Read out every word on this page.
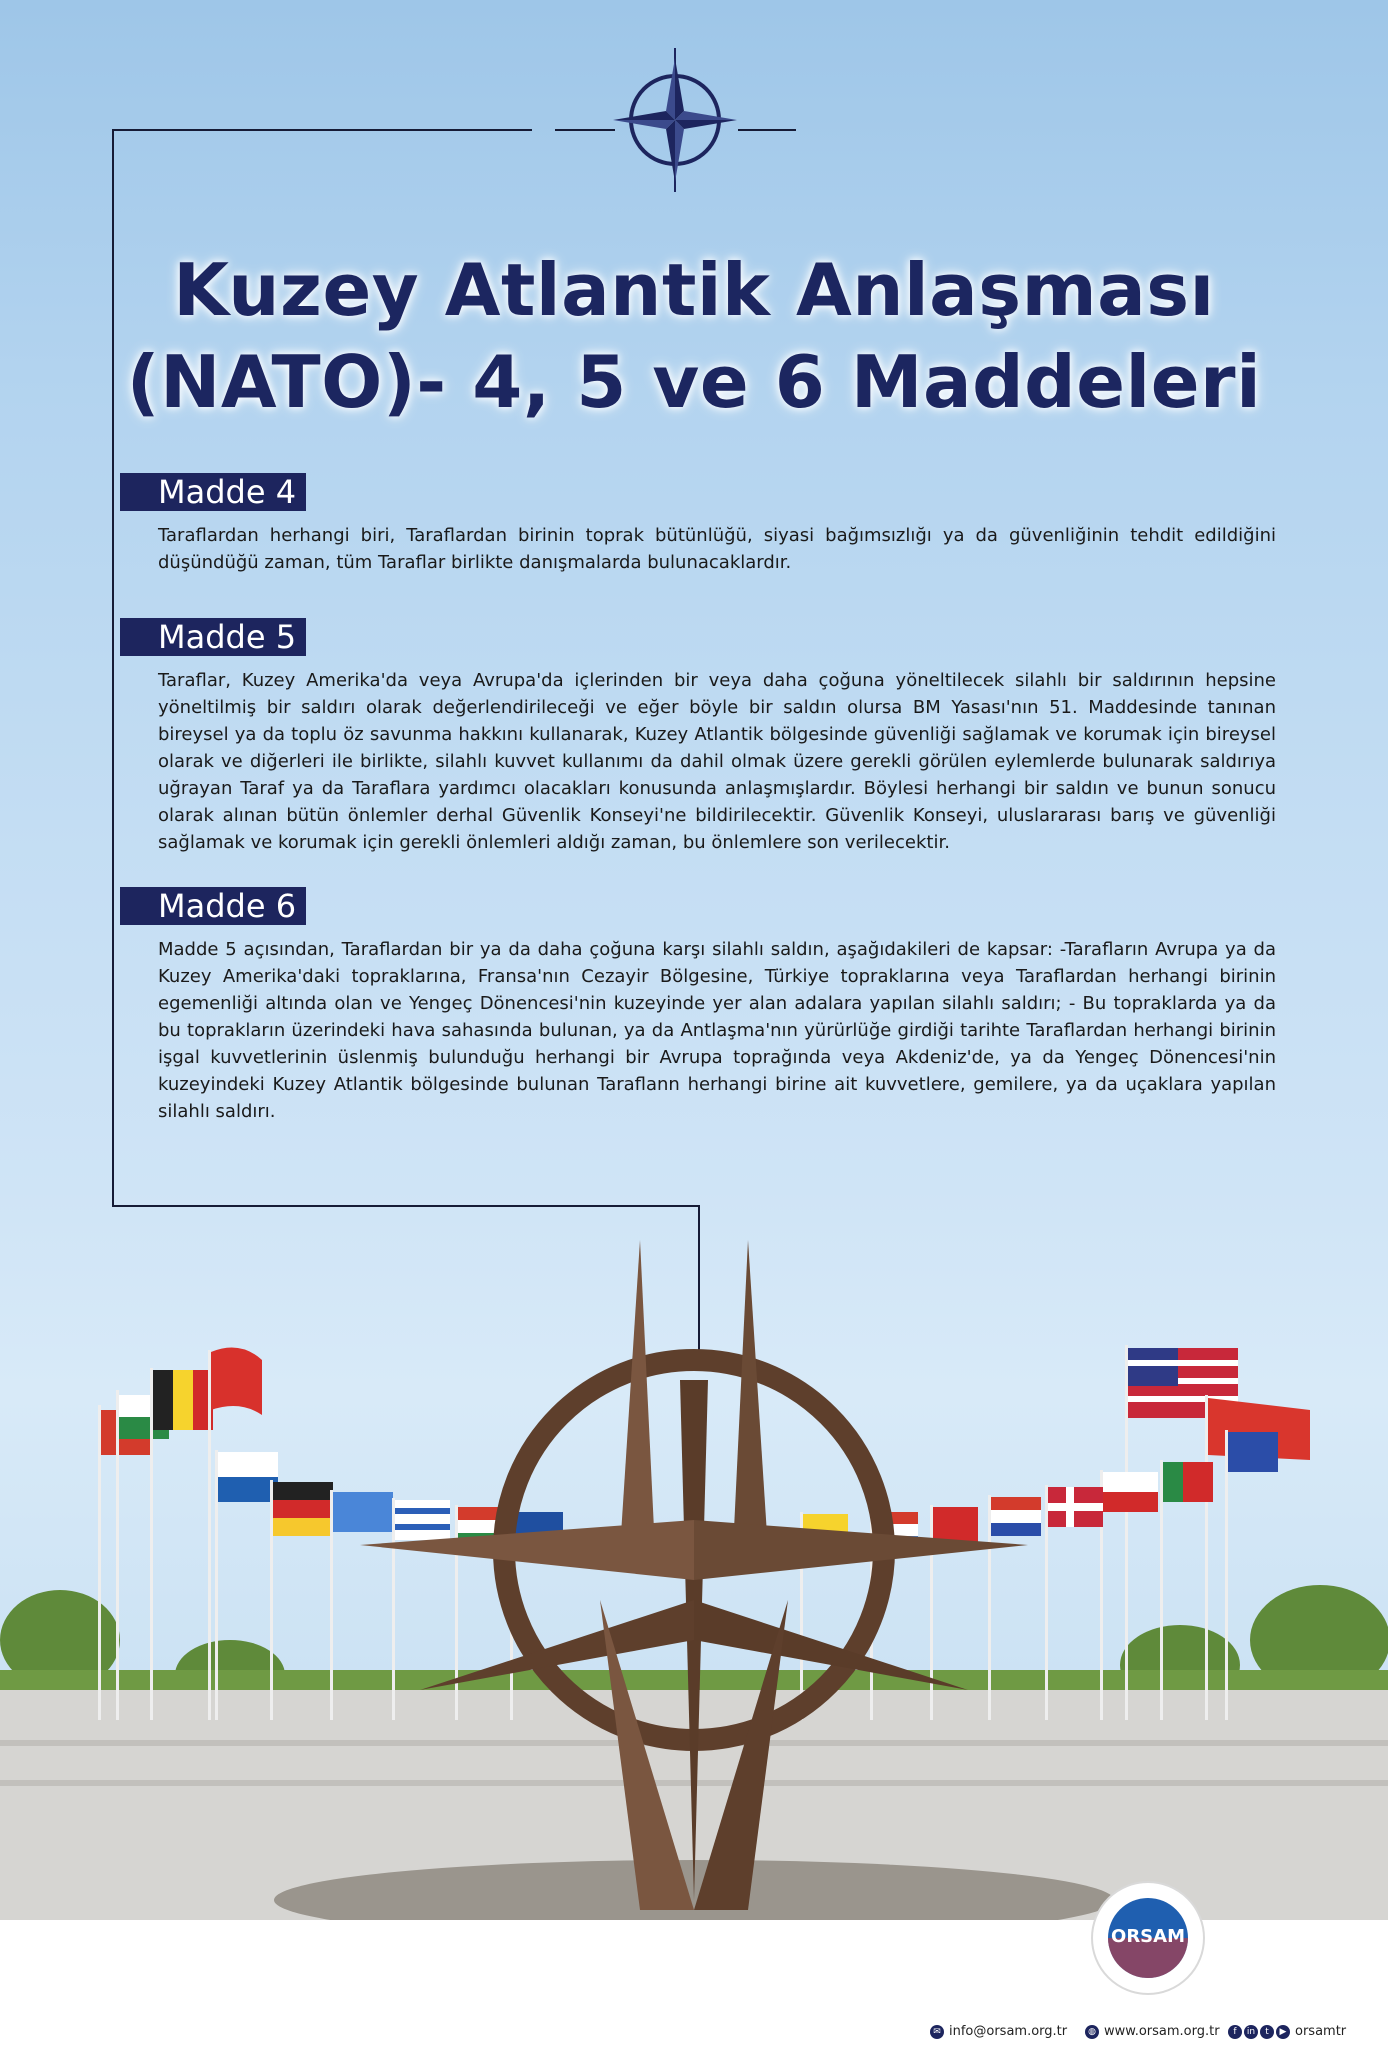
Kuzey Atlantik Anlaşması
(NATO)- 4, 5 ve 6 Maddeleri
Madde 4

Taraflardan herhangi biri, Taraflardan birinin toprak bütünlüğü, siyasi bağımsızlığı ya da güvenliğinin tehdit edildiğini düşündüğü zaman, tüm Taraflar birlikte danışmalarda bulunacaklardır.

Madde 5

Taraflar, Kuzey Amerika'da veya Avrupa'da içlerinden bir veya daha çoğuna yöneltilecek silahlı bir saldırının hepsine yöneltilmiş bir saldırı olarak değerlendirileceği ve eğer böyle bir saldın olursa BM Yasası'nın 51. Maddesinde tanınan bireysel ya da toplu öz savunma hakkını kullanarak, Kuzey Atlantik bölgesinde güvenliği sağlamak ve korumak için bireysel olarak ve diğerleri ile birlikte, silahlı kuvvet kullanımı da dahil olmak üzere gerekli görülen eylemlerde bulunarak saldırıya uğrayan Taraf ya da Taraflara yardımcı olacakları konusunda anlaşmışlardır. Böylesi herhangi bir saldın ve bunun sonucu olarak alınan bütün önlemler derhal Güvenlik Konseyi'ne bildirilecektir. Güvenlik Konseyi, uluslararası barış ve güvenliği sağlamak ve korumak için gerekli önlemleri aldığı zaman, bu önlemlere son verilecektir.

Madde 6

Madde 5 açısından, Taraflardan bir ya da daha çoğuna karşı silahlı saldın, aşağıdakileri de kapsar: -Tarafların Avrupa ya da Kuzey Amerika'daki topraklarına, Fransa'nın Cezayir Bölgesine, Türkiye topraklarına veya Taraflardan herhangi birinin egemenliği altında olan ve Yengeç Dönencesi'nin kuzeyinde yer alan adalara yapılan silahlı saldırı; - Bu topraklarda ya da bu toprakların üzerindeki hava sahasında bulunan, ya da Antlaşma'nın yürürlüğe girdiği tarihte Taraflardan herhangi birinin işgal kuvvetlerinin üslenmiş bulunduğu herhangi bir Avrupa toprağında veya Akdeniz'de, ya da Yengeç Dönencesi'nin kuzeyindeki Kuzey Atlantik bölgesinde bulunan Taraflann herhangi birine ait kuvvetlere, gemilere, ya da uçaklara yapılan silahlı saldırı.

✉ info@orsam.org.tr	◍ www.orsam.org.tr	f in t ▶ orsamtr
ORSAM
